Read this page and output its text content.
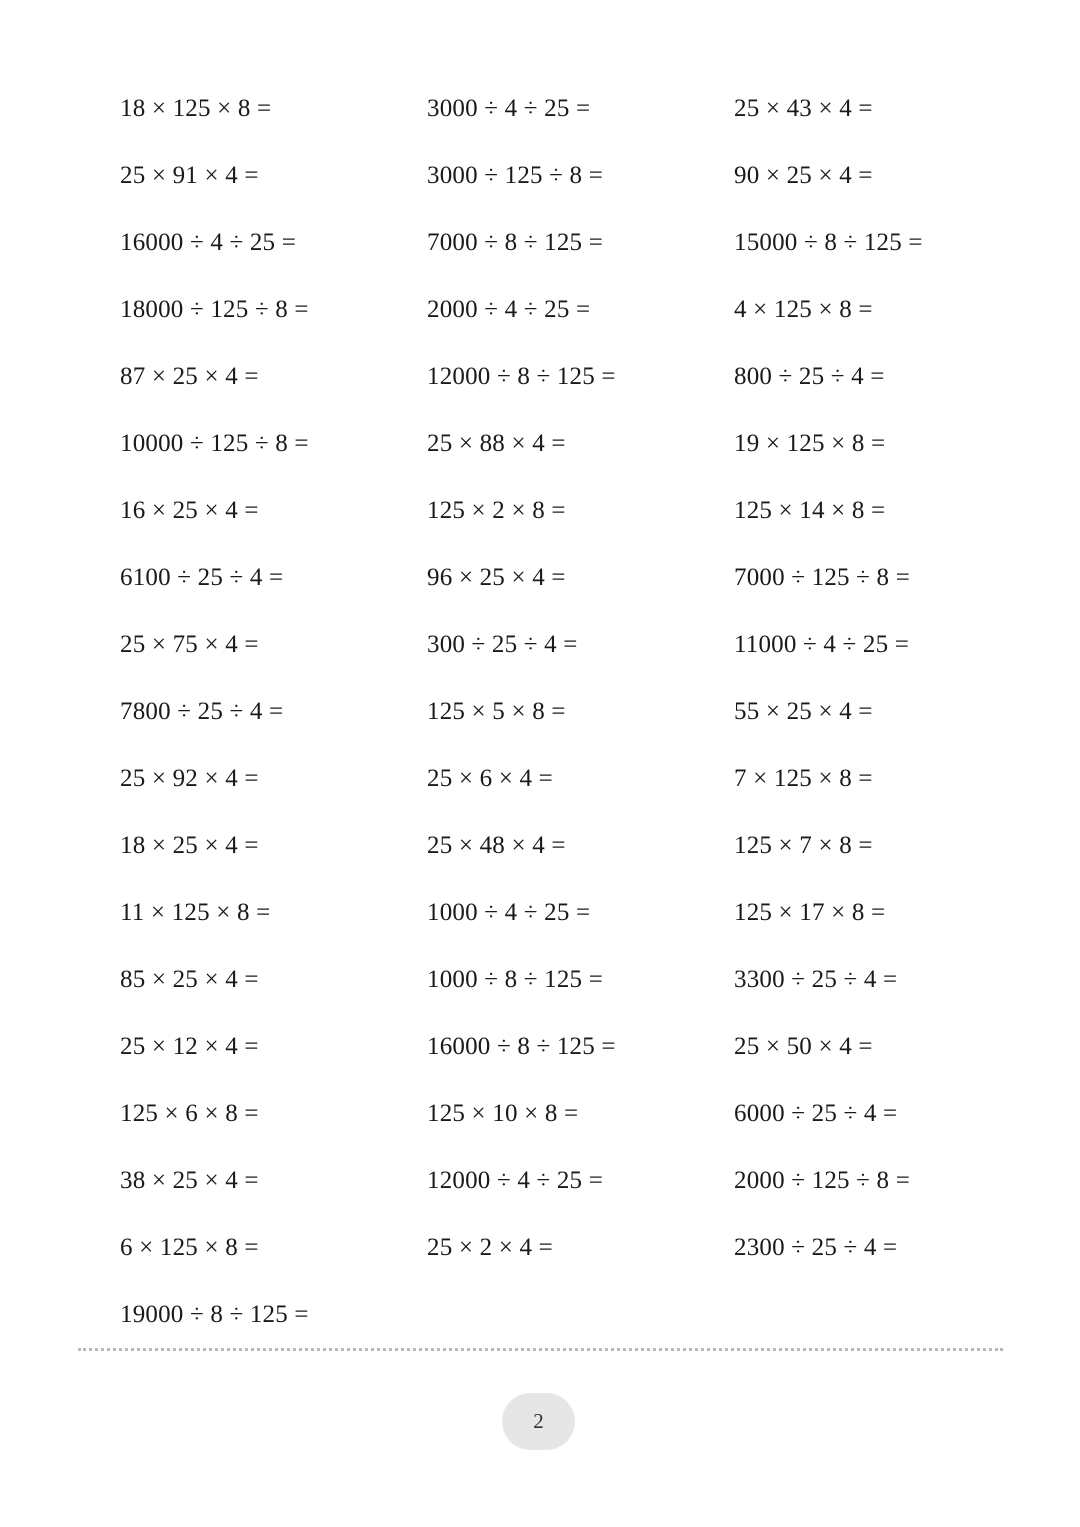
18 × 125 × 8 =	3000 ÷ 4 ÷ 25 =	25 × 43 × 4 =
25 × 91 × 4 =	3000 ÷ 125 ÷ 8 =	90 × 25 × 4 =
16000 ÷ 4 ÷ 25 =	7000 ÷ 8 ÷ 125 =	15000 ÷ 8 ÷ 125 =
18000 ÷ 125 ÷ 8 =	2000 ÷ 4 ÷ 25 =	4 × 125 × 8 =
87 × 25 × 4 =	12000 ÷ 8 ÷ 125 =	800 ÷ 25 ÷ 4 =
10000 ÷ 125 ÷ 8 =	25 × 88 × 4 =	19 × 125 × 8 =
16 × 25 × 4 =	125 × 2 × 8 =	125 × 14 × 8 =
6100 ÷ 25 ÷ 4 =	96 × 25 × 4 =	7000 ÷ 125 ÷ 8 =
25 × 75 × 4 =	300 ÷ 25 ÷ 4 =	11000 ÷ 4 ÷ 25 =
7800 ÷ 25 ÷ 4 =	125 × 5 × 8 =	55 × 25 × 4 =
25 × 92 × 4 =	25 × 6 × 4 =	7 × 125 × 8 =
18 × 25 × 4 =	25 × 48 × 4 =	125 × 7 × 8 =
11 × 125 × 8 =	1000 ÷ 4 ÷ 25 =	125 × 17 × 8 =
85 × 25 × 4 =	1000 ÷ 8 ÷ 125 =	3300 ÷ 25 ÷ 4 =
25 × 12 × 4 =	16000 ÷ 8 ÷ 125 =	25 × 50 × 4 =
125 × 6 × 8 =	125 × 10 × 8 =	6000 ÷ 25 ÷ 4 =
38 × 25 × 4 =	12000 ÷ 4 ÷ 25 =	2000 ÷ 125 ÷ 8 =
6 × 125 × 8 =	25 × 2 × 4 =	2300 ÷ 25 ÷ 4 =
19000 ÷ 8 ÷ 125 =
2
